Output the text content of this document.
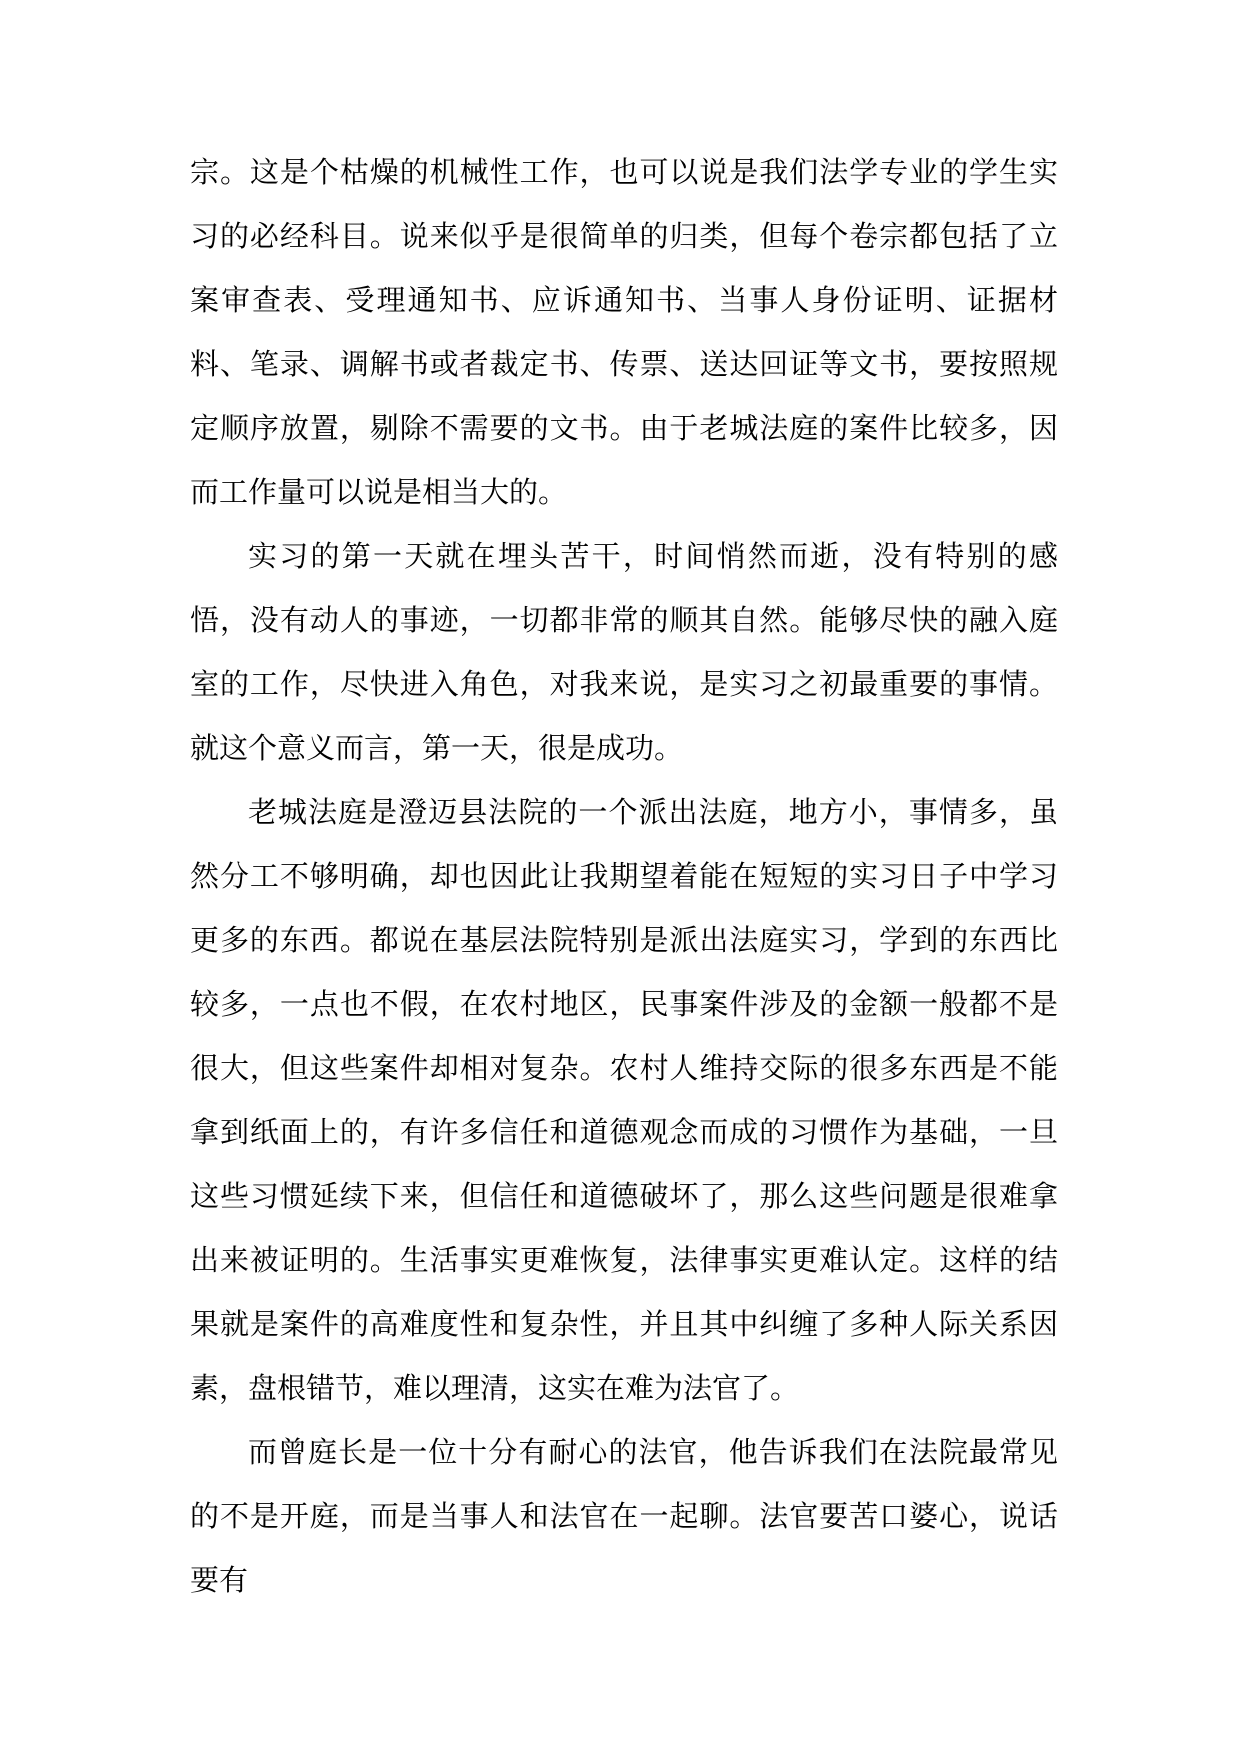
宗。这是个枯燥的机械性工作，也可以说是我们法学专业的学生实习的必经科目。说来似乎是很简单的归类，但每个卷宗都包括了立案审查表、受理通知书、应诉通知书、当事人身份证明、证据材料、笔录、调解书或者裁定书、传票、送达回证等文书，要按照规定顺序放置，剔除不需要的文书。由于老城法庭的案件比较多，因而工作量可以说是相当大的。

实习的第一天就在埋头苦干，时间悄然而逝，没有特别的感悟，没有动人的事迹，一切都非常的顺其自然。能够尽快的融入庭室的工作，尽快进入角色，对我来说，是实习之初最重要的事情。就这个意义而言，第一天，很是成功。

老城法庭是澄迈县法院的一个派出法庭，地方小，事情多，虽然分工不够明确，却也因此让我期望着能在短短的实习日子中学习更多的东西。都说在基层法院特别是派出法庭实习，学到的东西比较多，一点也不假，在农村地区，民事案件涉及的金额一般都不是很大，但这些案件却相对复杂。农村人维持交际的很多东西是不能拿到纸面上的，有许多信任和道德观念而成的习惯作为基础，一旦这些习惯延续下来，但信任和道德破坏了，那么这些问题是很难拿出来被证明的。生活事实更难恢复，法律事实更难认定。这样的结果就是案件的高难度性和复杂性，并且其中纠缠了多种人际关系因素，盘根错节，难以理清，这实在难为法官了。

而曾庭长是一位十分有耐心的法官，他告诉我们在法院最常见的不是开庭，而是当事人和法官在一起聊。法官要苦口婆心，说话要有
